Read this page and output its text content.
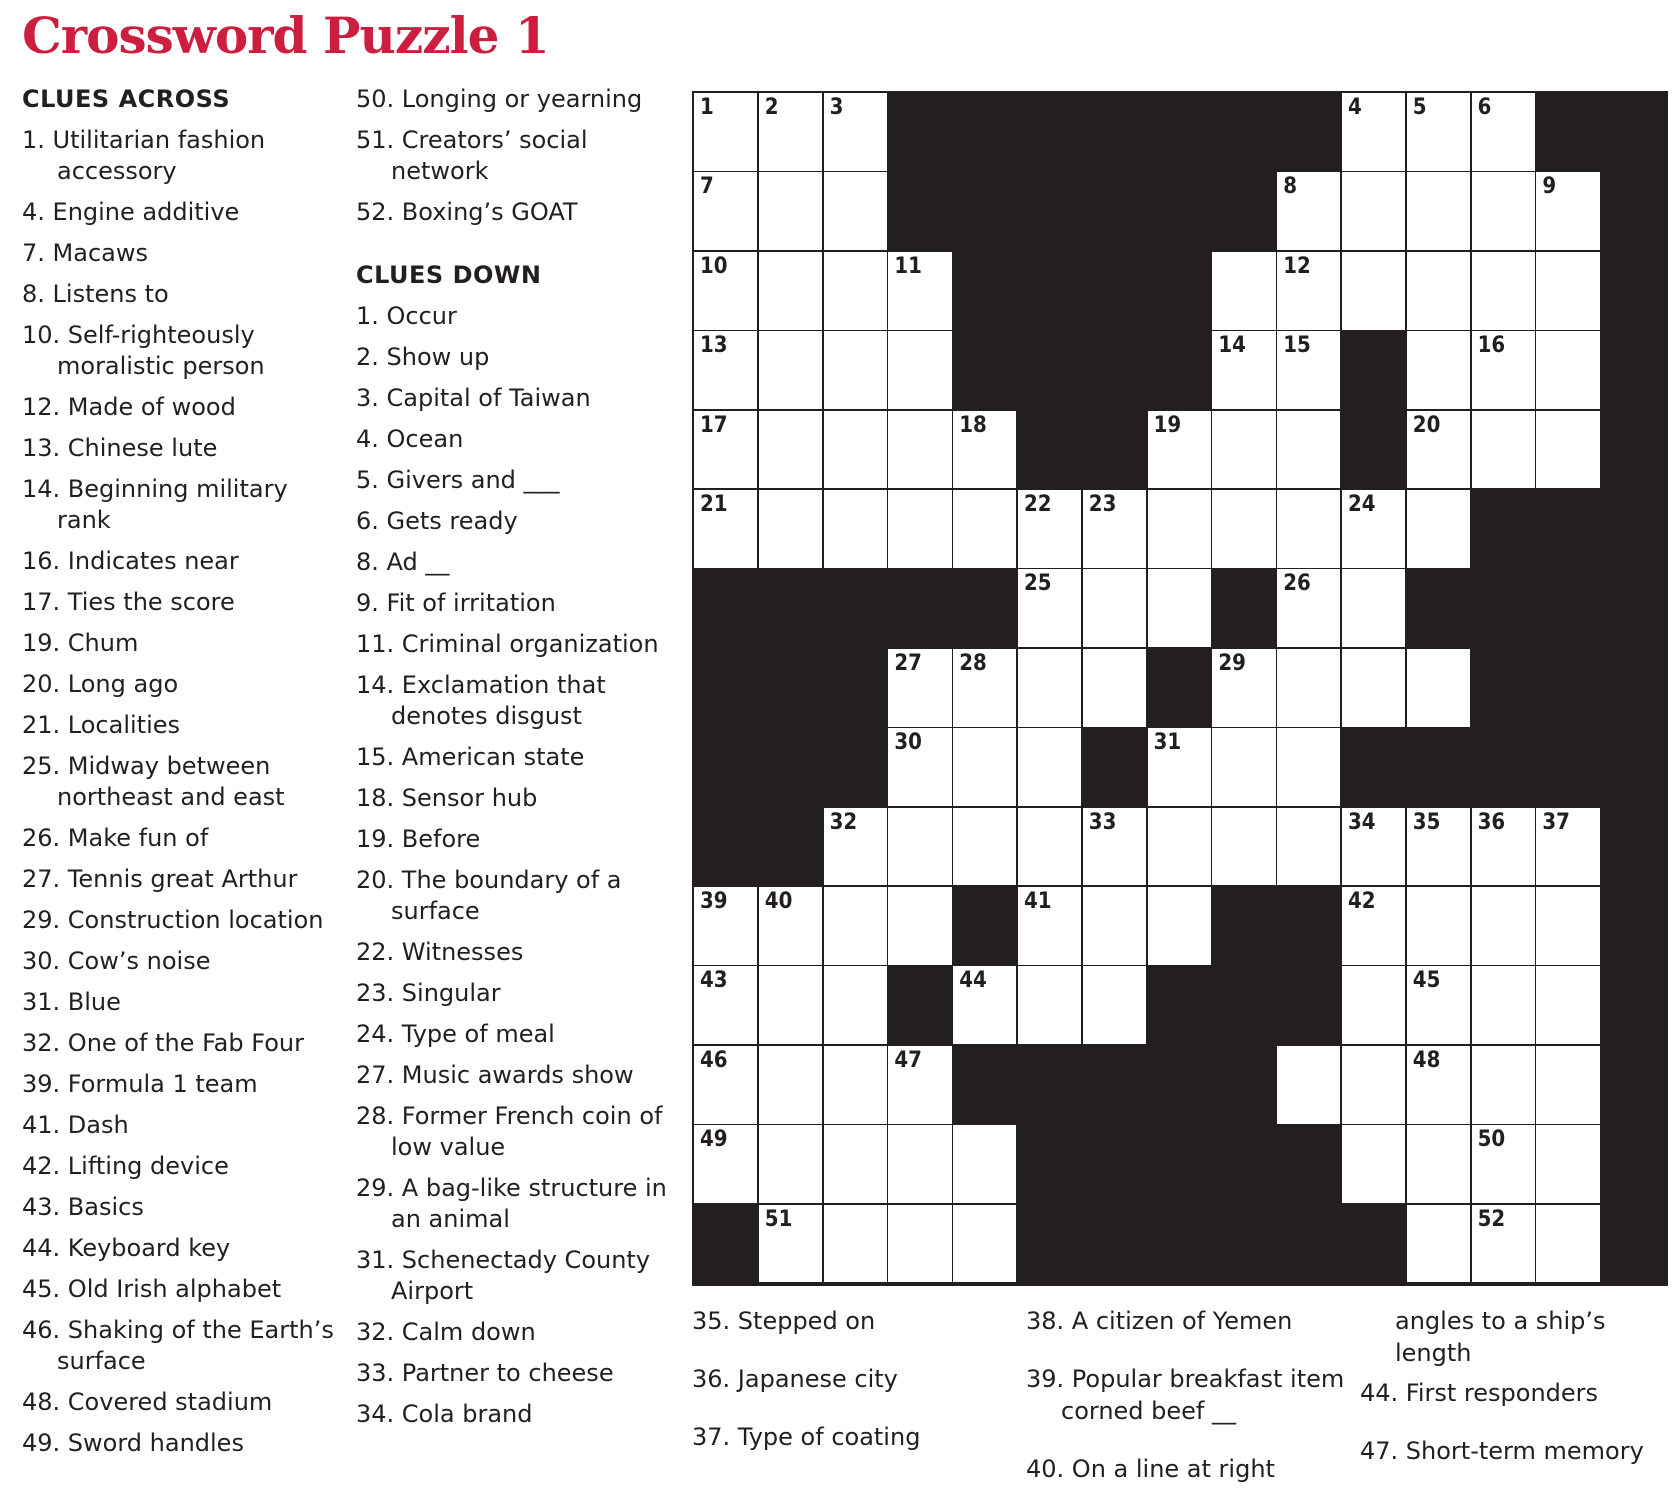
Crossword Puzzle 1
CLUES ACROSS
1. Utilitarian fashion accessory
4. Engine additive
7. Macaws
8. Listens to
10. Self-righteously moralistic person
12. Made of wood
13. Chinese lute
14. Beginning military rank
16. Indicates near
17. Ties the score
19. Chum
20. Long ago
21. Localities
25. Midway between northeast and east
26. Make fun of
27. Tennis great Arthur
29. Construction location
30. Cow’s noise
31. Blue
32. One of the Fab Four
39. Formula 1 team
41. Dash
42. Lifting device
43. Basics
44. Keyboard key
45. Old Irish alphabet
46. Shaking of the Earth’s surface
48. Covered stadium
49. Sword handles
50. Longing or yearning
51. Creators’ social network
52. Boxing’s GOAT
CLUES DOWN
1. Occur
2. Show up
3. Capital of Taiwan
4. Ocean
5. Givers and ___
6. Gets ready
8. Ad __
9. Fit of irritation
11. Criminal organization
14. Exclamation that denotes disgust
15. American state
18. Sensor hub
19. Before
20. The boundary of a surface
22. Witnesses
23. Singular
24. Type of meal
27. Music awards show
28. Former French coin of low value
29. A bag-like structure in an animal
31. Schenectady County Airport
32. Calm down
33. Partner to cheese
34. Cola brand
1 2 3	4 5 6
7	8	9
10	11	12
13	14 15	16
17	18	19	20
21	22 23	24
25	26
27 28	29
30	31
32	33	34 35 36 37
39 40	41	42
43	44	45
46	47	48
49	50
51	52
35. Stepped on
36. Japanese city
37. Type of coating
38. A citizen of Yemen
39. Popular breakfast item corned beef __
40. On a line at right
angles to a ship’s length
44. First responders
47. Short-term memory
